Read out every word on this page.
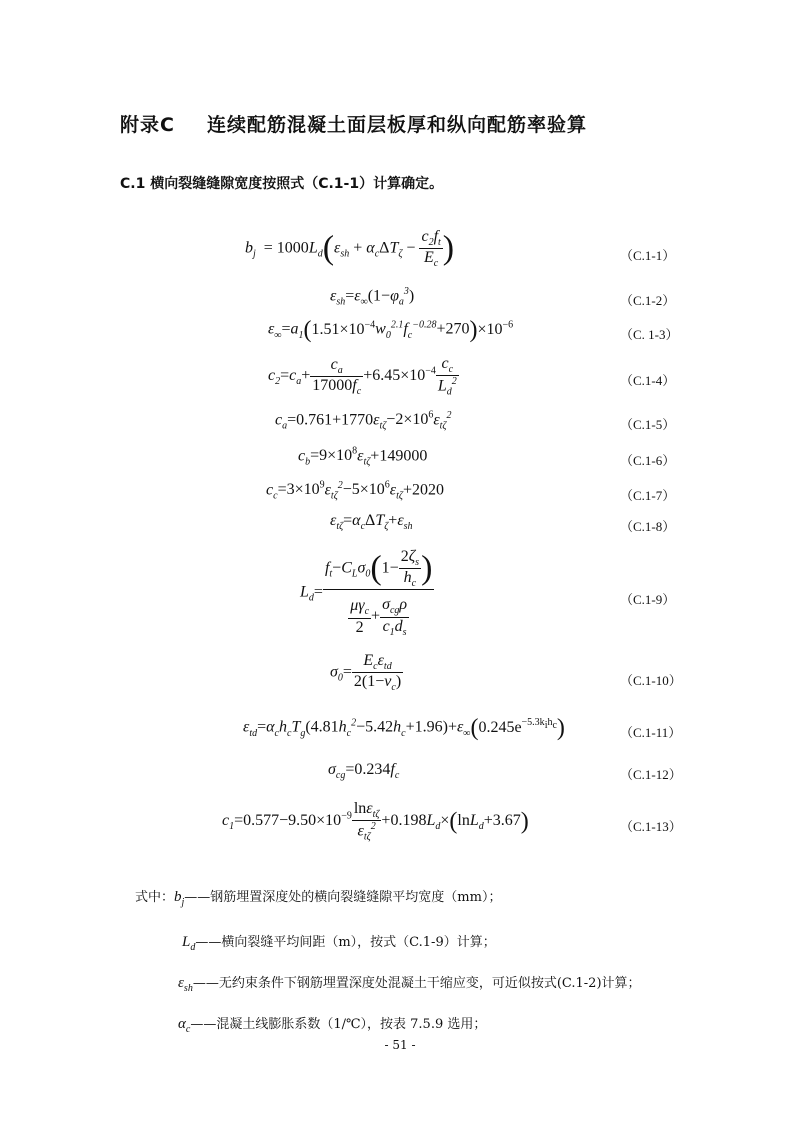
附录C 连续配筋混凝土面层板厚和纵向配筋率验算
C.1 横向裂缝缝隙宽度按照式（C.1-1）计算确定。
$b_j = 1000L_d(\varepsilon_{sh} + \alpha_c\Delta T_\zeta - \frac{c_2f_t}{E_c}$ )	（C.1-1）
$\varepsilon_{sh}=\varepsilon_\infty(1-\varphi_a^3)$	（C.1-2）
$\varepsilon_\infty=a_1(1.51\times 10^{-4}w_0^{2.1}f_c^{-0.28}+270)\times 10^{-6}$
（C. 1-3）
$c_2=c_a+ \frac{c_a}{17000f_c} +6.45\times 10^{-4} \frac{c_c}{L_d^2}$	（C.1-4）
$c_a=0.761+1770\varepsilon_{t\zeta}-2\times 10^6\varepsilon_{t\zeta}^2$
（C.1-5）
$c_b=9\times 10^8\varepsilon_{t\zeta}+149000$	（C.1-6）
$c_c=3\times 10^9\varepsilon_{t\zeta}^2-5\times 10^6\varepsilon_{t\zeta}+2020$	（C.1-7）
$\varepsilon_{t\zeta}=\alpha_c\Delta T_\zeta+\varepsilon_{sh}$	（C.1-8）
$L_d= \frac{f_t-C_L\sigma_0(1- \frac{2\zeta_s}{h_c} )}{\frac{\mu\gamma_c}{2} + \frac{\sigma_{cg}\rho}{c_1d_s}}$	（C.1-9）
$\sigma_0= \frac{E_c\varepsilon_{td}}{2(1-v_c)}$	（C.1-10）
$\varepsilon_{td}=\alpha_ch_cT_g(4.81h_c^2-5.42h_c+1.96)+\varepsilon_\infty(0.245e^{-5.3k_ih_c})$	（C.1-11）
$\sigma_{cg}=0.234f_c$	（C.1-12）
$c_1=0.577-9.50\times 10^{-9} \frac{\ln\varepsilon_{t\zeta}}{\varepsilon_{t\zeta}^2} +0.198L_d\times(\ln L_d+3.67)$	（C.1-13）
式中：$b_j——$钢筋埋置深度处的横向裂缝缝隙平均宽度（mm）；
$L_d——$横向裂缝平均间距（m），按式（C.1-9）计算；
$\varepsilon_{sh}——$无约束条件下钢筋埋置深度处混凝土干缩应变，可近似按式(C.1-2)计算；
$\alpha_c——$混凝土线膨胀系数（1/℃），按表 7.5.9 选用；
- 51 -
